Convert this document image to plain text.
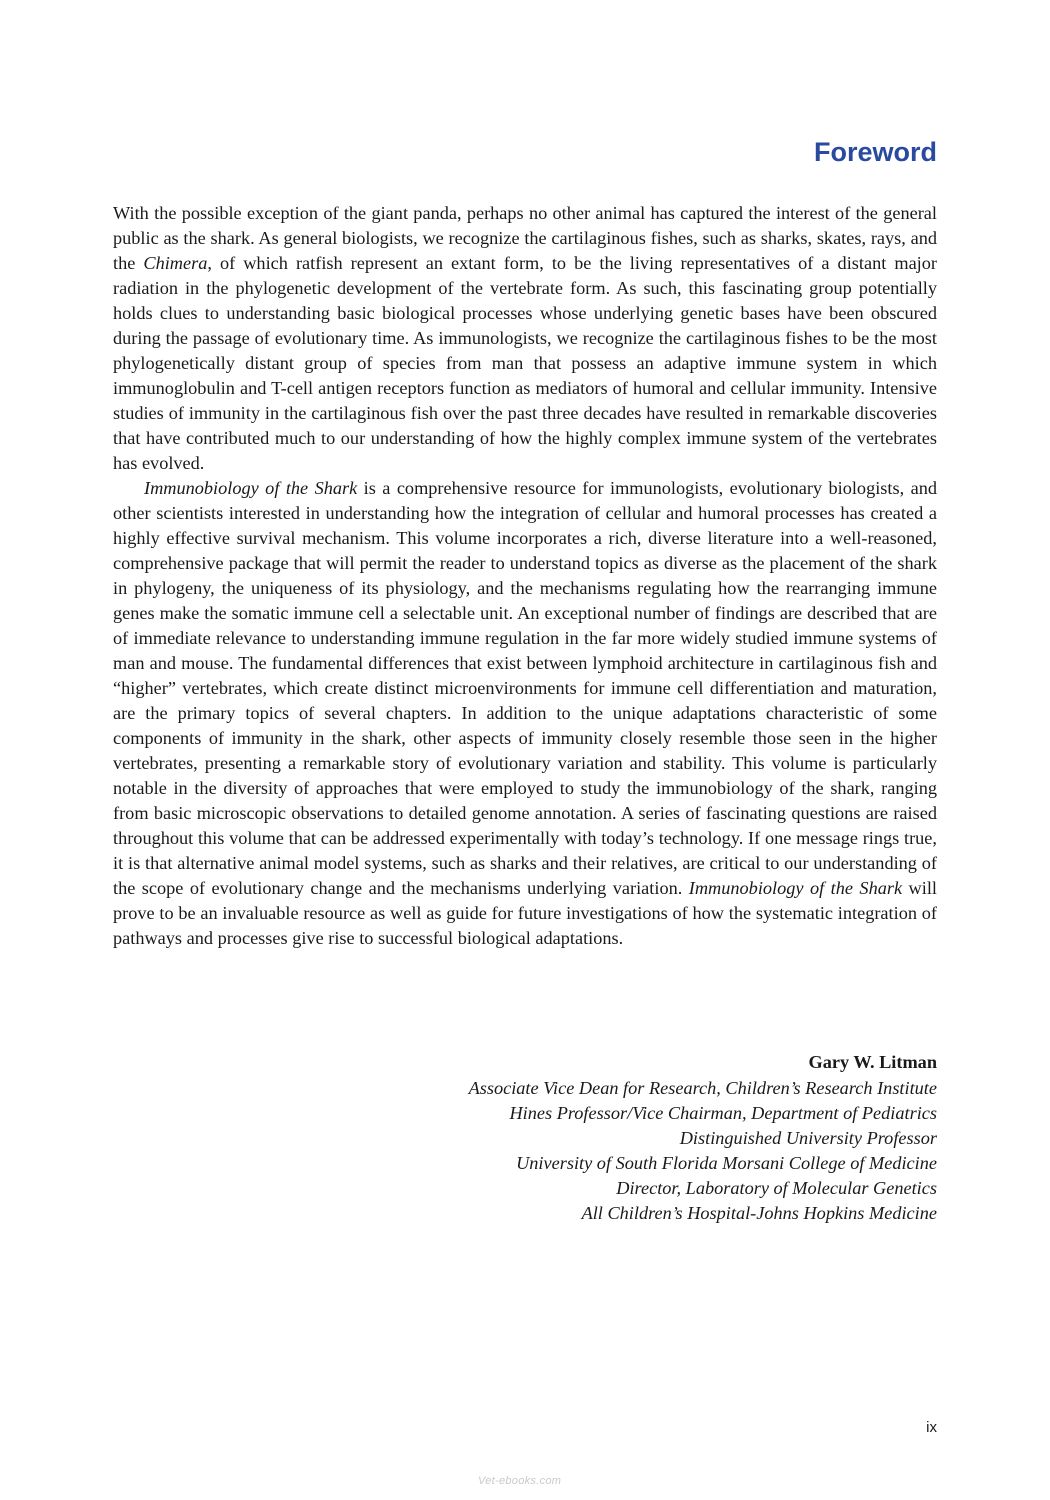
Foreword

With the possible exception of the giant panda, perhaps no other animal has captured the interest of the general public as the shark. As general biologists, we recognize the cartilaginous fishes, such as sharks, skates, rays, and the Chimera, of which ratfish represent an extant form, to be the living representatives of a distant major radiation in the phylogenetic development of the vertebrate form. As such, this fascinating group potentially holds clues to understanding basic biological processes whose underlying genetic bases have been obscured during the passage of evolutionary time. As immunologists, we recognize the cartilaginous fishes to be the most phylogenetically distant group of species from man that possess an adaptive immune system in which immunoglobulin and T-cell antigen receptors function as mediators of humoral and cellular immunity. Intensive studies of immunity in the cartilaginous fish over the past three decades have resulted in remarkable discoveries that have contributed much to our understanding of how the highly complex immune system of the vertebrates has evolved.

Immunobiology of the Shark is a comprehensive resource for immunologists, evolutionary biologists, and other scientists interested in understanding how the integration of cellular and humoral processes has created a highly effective survival mechanism. This volume incorporates a rich, diverse literature into a well-reasoned, comprehensive package that will permit the reader to understand topics as diverse as the placement of the shark in phylogeny, the uniqueness of its physiology, and the mechanisms regulating how the rearranging immune genes make the somatic immune cell a selectable unit. An exceptional number of findings are described that are of immediate relevance to understanding immune regulation in the far more widely studied immune systems of man and mouse. The fundamental differences that exist between lymphoid architecture in cartilaginous fish and “higher” vertebrates, which create distinct microenvironments for immune cell differentiation and maturation, are the primary topics of several chapters. In addition to the unique adaptations characteristic of some components of immunity in the shark, other aspects of immunity closely resemble those seen in the higher vertebrates, presenting a remarkable story of evolutionary variation and stability. This volume is particularly notable in the diversity of approaches that were employed to study the immunobiology of the shark, ranging from basic microscopic observations to detailed genome annotation. A series of fascinating questions are raised throughout this volume that can be addressed experimentally with today’s technology. If one message rings true, it is that alternative animal model systems, such as sharks and their relatives, are critical to our understanding of the scope of evolutionary change and the mechanisms underlying variation. Immunobiology of the Shark will prove to be an invaluable resource as well as guide for future investigations of how the systematic integration of pathways and processes give rise to successful biological adaptations.

Gary W. Litman
Associate Vice Dean for Research, Children’s Research Institute
Hines Professor/Vice Chairman, Department of Pediatrics
Distinguished University Professor
University of South Florida Morsani College of Medicine
Director, Laboratory of Molecular Genetics
All Children’s Hospital-Johns Hopkins Medicine
ix
Vet-ebooks.com
